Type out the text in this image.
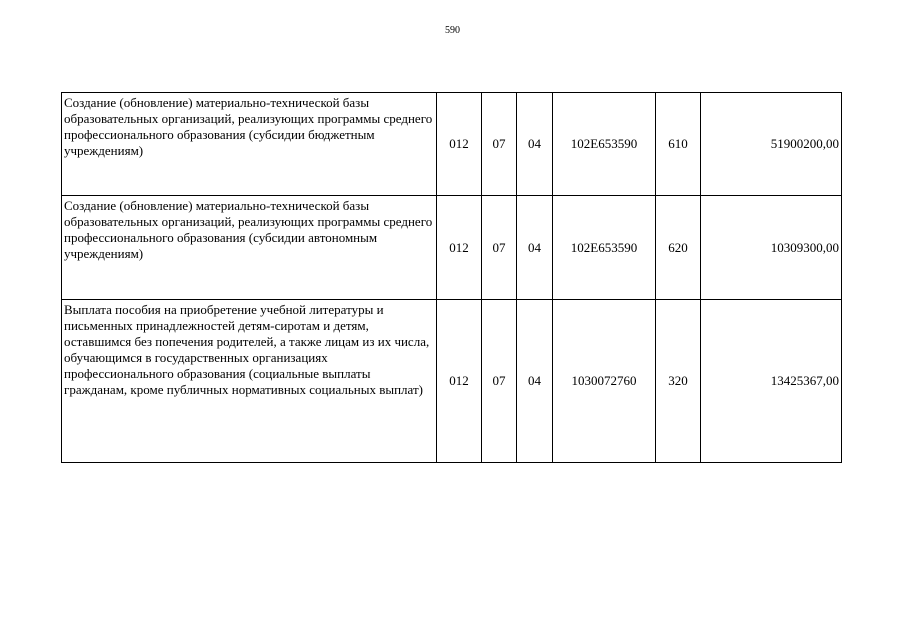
590
Создание (обновление) материально-технической базы образовательных организаций, реализующих программы среднего профессионального образования (субсидии бюджетным учреждениям)	012	07	04	102Е653590	610	51900200,00
Создание (обновление) материально-технической базы образовательных организаций, реализующих программы среднего профессионального образования (субсидии автономным учреждениям)	012	07	04	102Е653590	620	10309300,00
Выплата пособия на приобретение учебной литературы и письменных принадлежностей детям-сиротам и детям, оставшимся без попечения родителей, а также лицам из их числа, обучающимся в государственных организациях профессионального образования (социальные выплаты гражданам, кроме публичных нормативных социальных выплат)	012	07	04	1030072760	320	13425367,00
